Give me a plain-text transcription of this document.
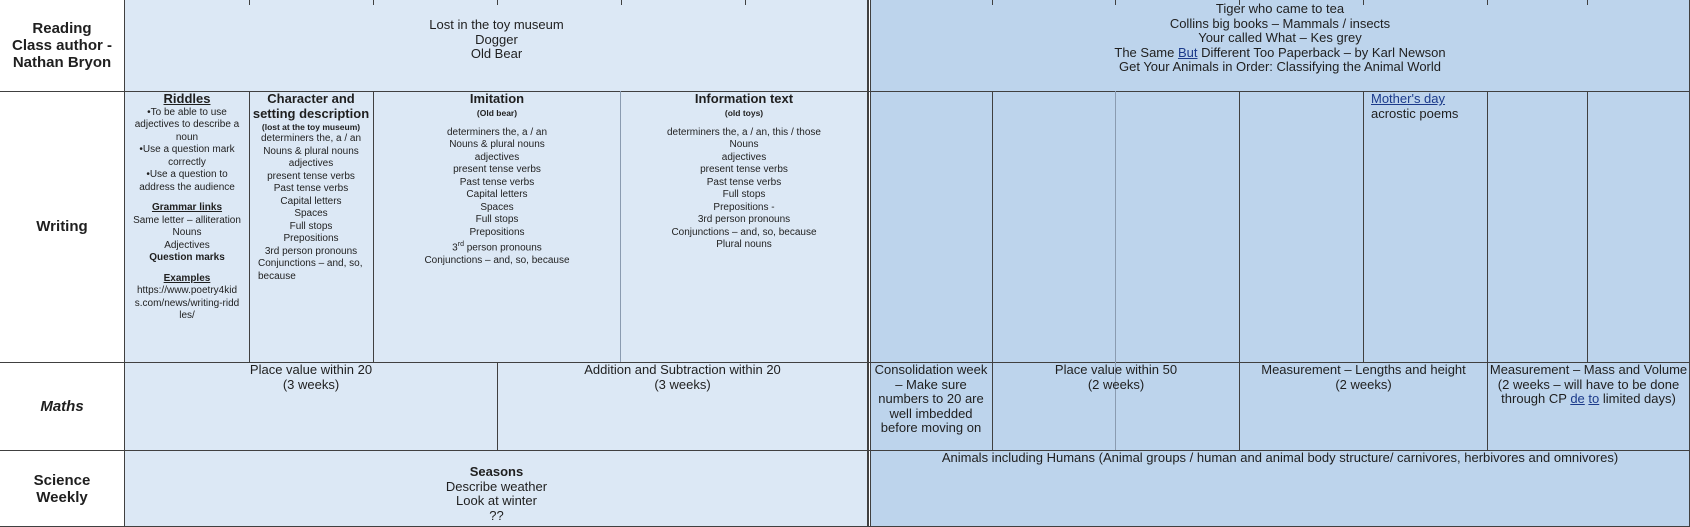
Reading
Class author -
Nathan Bryon
Writing
Maths
Science
Weekly
Lost in the toy museum
Dogger
Old Bear
Tiger who came to tea
Collins big books – Mammals / insects
Your called What – Kes grey
The Same But Different Too Paperback – by Karl Newson
Get Your Animals in Order: Classifying the Animal World
Riddles
•To be able to use adjectives to describe a noun
•Use a question mark correctly
•Use a question to address the audience
Grammar links
Same letter – alliteration
Nouns
Adjectives
Question marks
Examples
https://www.poetry4kids.com/news/writing-riddles/
Character and setting description
(lost at the toy museum)
determiners the, a / an
Nouns & plural nouns
adjectives
present tense verbs
Past tense verbs
Capital letters
Spaces
Full stops
Prepositions
3rd person pronouns
Conjunctions – and, so, because
Imitation
(Old bear)
determiners the, a / an
Nouns & plural nouns
adjectives
present tense verbs
Past tense verbs
Capital letters
Spaces
Full stops
Prepositions
3rd person pronouns
Conjunctions – and, so, because
Information text
(old toys)
determiners the, a / an, this / those
Nouns
adjectives
present tense verbs
Past tense verbs
Full stops
Prepositions -
3rd person pronouns
Conjunctions – and, so, because
Plural nouns
Mother's day
acrostic poems
Place value within 20
(3 weeks)
Addition and Subtraction within 20
(3 weeks)
Consolidation week – Make sure numbers to 20 are well imbedded before moving on
Place value within 50
(2 weeks)
Measurement – Lengths and height
(2 weeks)
Measurement – Mass and Volume
(2 weeks – will have to be done through CP de to limited days)
Seasons
Describe weather
Look at winter
??
Animals including Humans (Animal groups / human and animal body structure/ carnivores, herbivores and omnivores)
